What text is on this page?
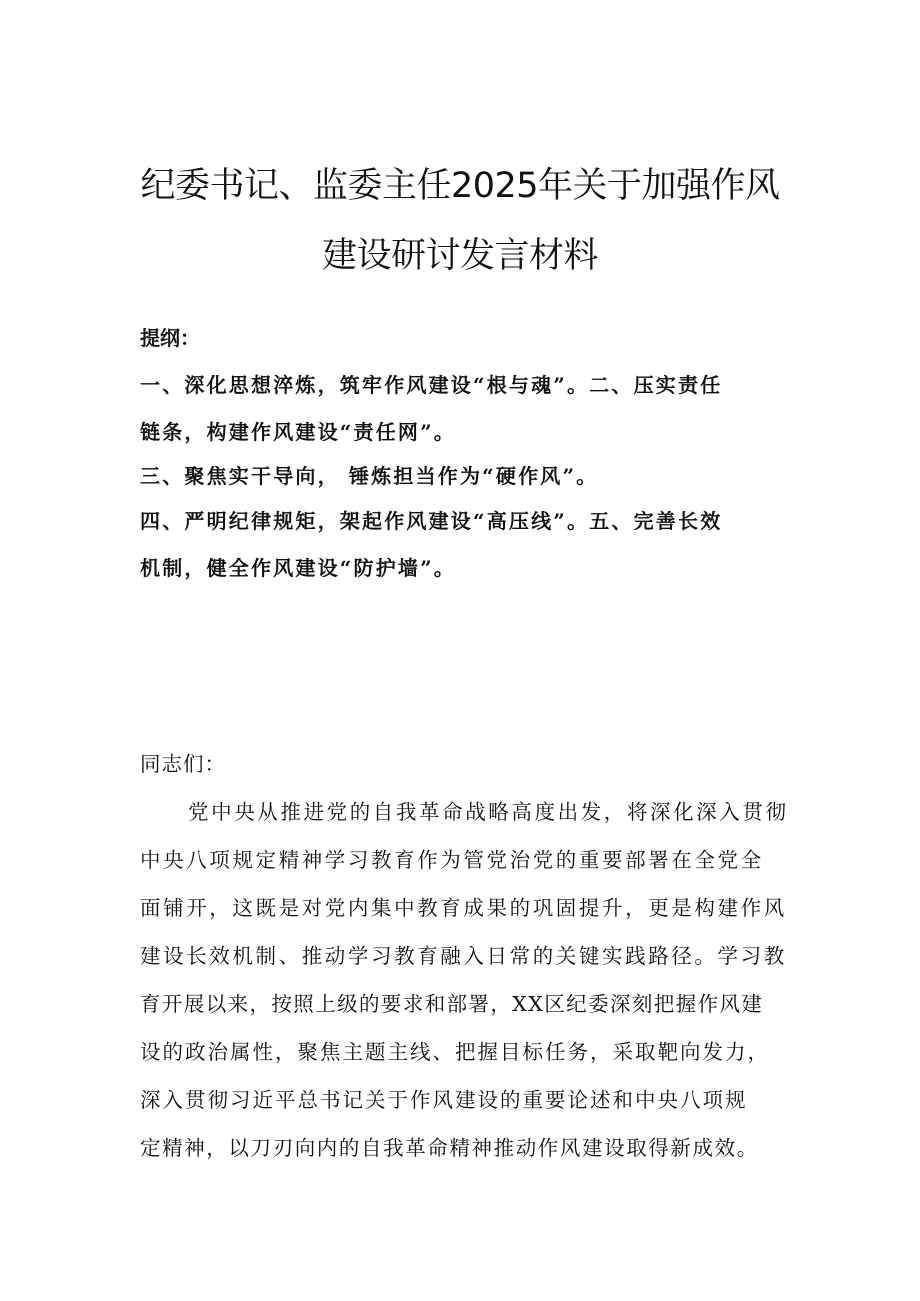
纪委书记、监委主任2025年关于加强作风
建设研讨发言材料
提纲：
一、深化思想淬炼，筑牢作风建设“根与魂”。二、压实责任
链条，构建作风建设“责任网”。
三、聚焦实干导向， 锤炼担当作为“硬作风”。
四、严明纪律规矩，架起作风建设“高压线”。五、完善长效
机制，健全作风建设“防护墙”。
同志们：
党中央从推进党的自我革命战略高度出发，将深化深入贯彻
中央八项规定精神学习教育作为管党治党的重要部署在全党全
面铺开，这既是对党内集中教育成果的巩固提升，更是构建作风
建设长效机制、推动学习教育融入日常的关键实践路径。学习教
育开展以来，按照上级的要求和部署，XX区纪委深刻把握作风建
设的政治属性，聚焦主题主线、把握目标任务，采取靶向发力，
深入贯彻习近平总书记关于作风建设的重要论述和中央八项规
定精神，以刀刃向内的自我革命精神推动作风建设取得新成效。
